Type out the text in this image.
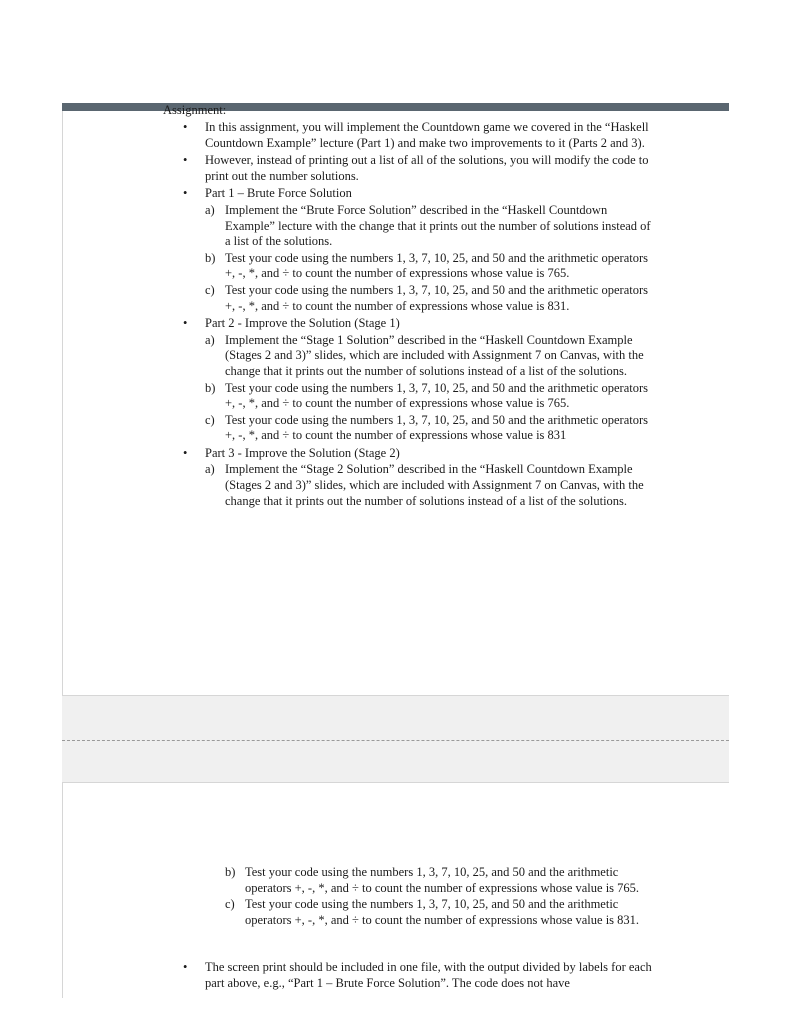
Assignment:
• In this assignment, you will implement the Countdown game we covered in the “Haskell Countdown Example” lecture (Part 1) and make two improvements to it (Parts 2 and 3).
• However, instead of printing out a list of all of the solutions, you will modify the code to print out the number solutions.
• Part 1 – Brute Force Solution
a) Implement the “Brute Force Solution” described in the “Haskell Countdown Example” lecture with the change that it prints out the number of solutions instead of a list of the solutions.
b) Test your code using the numbers 1, 3, 7, 10, 25, and 50 and the arithmetic operators +, -, *, and ÷ to count the number of expressions whose value is 765.
c) Test your code using the numbers 1, 3, 7, 10, 25, and 50 and the arithmetic operators +, -, *, and ÷ to count the number of expressions whose value is 831.
• Part 2 - Improve the Solution (Stage 1)
a) Implement the “Stage 1 Solution” described in the “Haskell Countdown Example (Stages 2 and 3)” slides, which are included with Assignment 7 on Canvas, with the change that it prints out the number of solutions instead of a list of the solutions.
b) Test your code using the numbers 1, 3, 7, 10, 25, and 50 and the arithmetic operators +, -, *, and ÷ to count the number of expressions whose value is 765.
c) Test your code using the numbers 1, 3, 7, 10, 25, and 50 and the arithmetic operators +, -, *, and ÷ to count the number of expressions whose value is 831
• Part 3 - Improve the Solution (Stage 2)
a) Implement the “Stage 2 Solution” described in the “Haskell Countdown Example (Stages 2 and 3)” slides, which are included with Assignment 7 on Canvas, with the change that it prints out the number of solutions instead of a list of the solutions.
b) Test your code using the numbers 1, 3, 7, 10, 25, and 50 and the arithmetic operators +, -, *, and ÷ to count the number of expressions whose value is 765.
c) Test your code using the numbers 1, 3, 7, 10, 25, and 50 and the arithmetic operators +, -, *, and ÷ to count the number of expressions whose value is 831.
• The screen print should be included in one file, with the output divided by labels for each part above, e.g., “Part 1 – Brute Force Solution”. The code does not have
